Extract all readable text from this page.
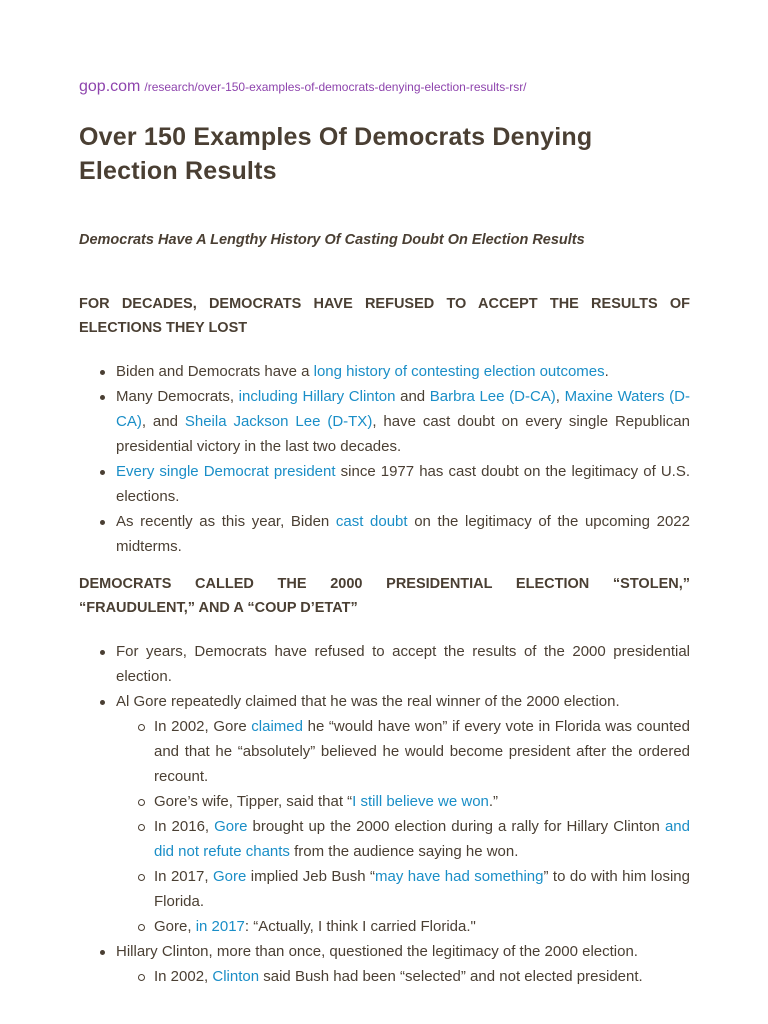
gop.com /research/over-150-examples-of-democrats-denying-election-results-rsr/
Over 150 Examples Of Democrats Denying Election Results

Democrats Have A Lengthy History Of Casting Doubt On Election Results

FOR DECADES, DEMOCRATS HAVE REFUSED TO ACCEPT THE RESULTS OF ELECTIONS THEY LOST

Biden and Democrats have a long history of contesting election outcomes.
Many Democrats, including Hillary Clinton and Barbra Lee (D-CA), Maxine Waters (D-CA), and Sheila Jackson Lee (D-TX), have cast doubt on every single Republican presidential victory in the last two decades.
Every single Democrat president since 1977 has cast doubt on the legitimacy of U.S. elections.
As recently as this year, Biden cast doubt on the legitimacy of the upcoming 2022 midterms.

DEMOCRATS CALLED THE 2000 PRESIDENTIAL ELECTION “STOLEN,” “FRAUDULENT,” AND A “COUP D’ETAT”

For years, Democrats have refused to accept the results of the 2000 presidential election.
Al Gore repeatedly claimed that he was the real winner of the 2000 election.
In 2002, Gore claimed he “would have won” if every vote in Florida was counted and that he “absolutely” believed he would become president after the ordered recount.
Gore’s wife, Tipper, said that “I still believe we won.”
In 2016, Gore brought up the 2000 election during a rally for Hillary Clinton and did not refute chants from the audience saying he won.
In 2017, Gore implied Jeb Bush “may have had something” to do with him losing Florida.
Gore, in 2017: “Actually, I think I carried Florida."
Hillary Clinton, more than once, questioned the legitimacy of the 2000 election.
In 2002, Clinton said Bush had been “selected” and not elected president.
